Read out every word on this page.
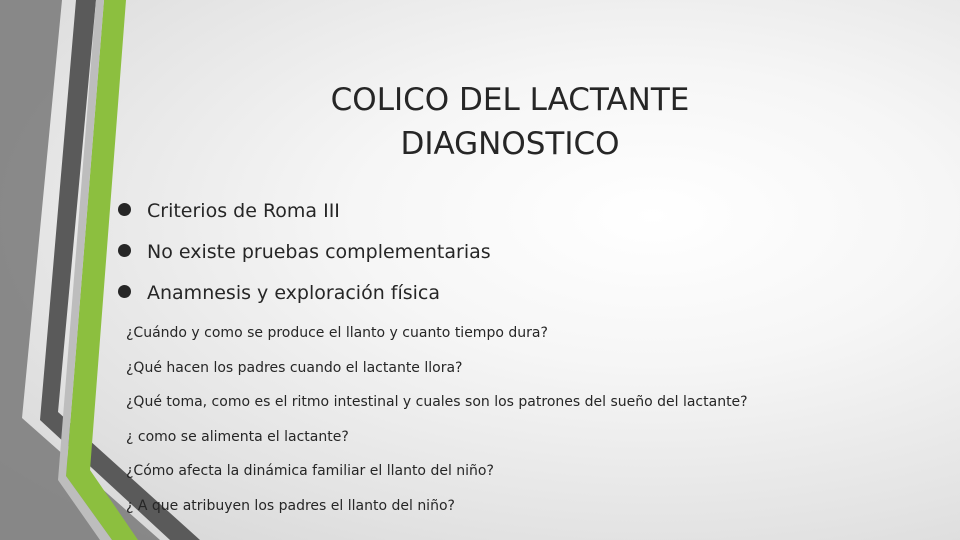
COLICO DEL LACTANTE
DIAGNOSTICO
Criterios de Roma III
No existe pruebas complementarias
Anamnesis y exploración física

¿Cuándo y como se produce el llanto y cuanto tiempo dura?

¿Qué hacen los padres cuando el lactante llora?

¿Qué toma, como es el ritmo intestinal y cuales son los patrones del sueño del lactante?

¿ como se alimenta el lactante?

¿Cómo afecta la dinámica familiar el llanto del niño?

¿ A que atribuyen los padres el llanto del niño?
